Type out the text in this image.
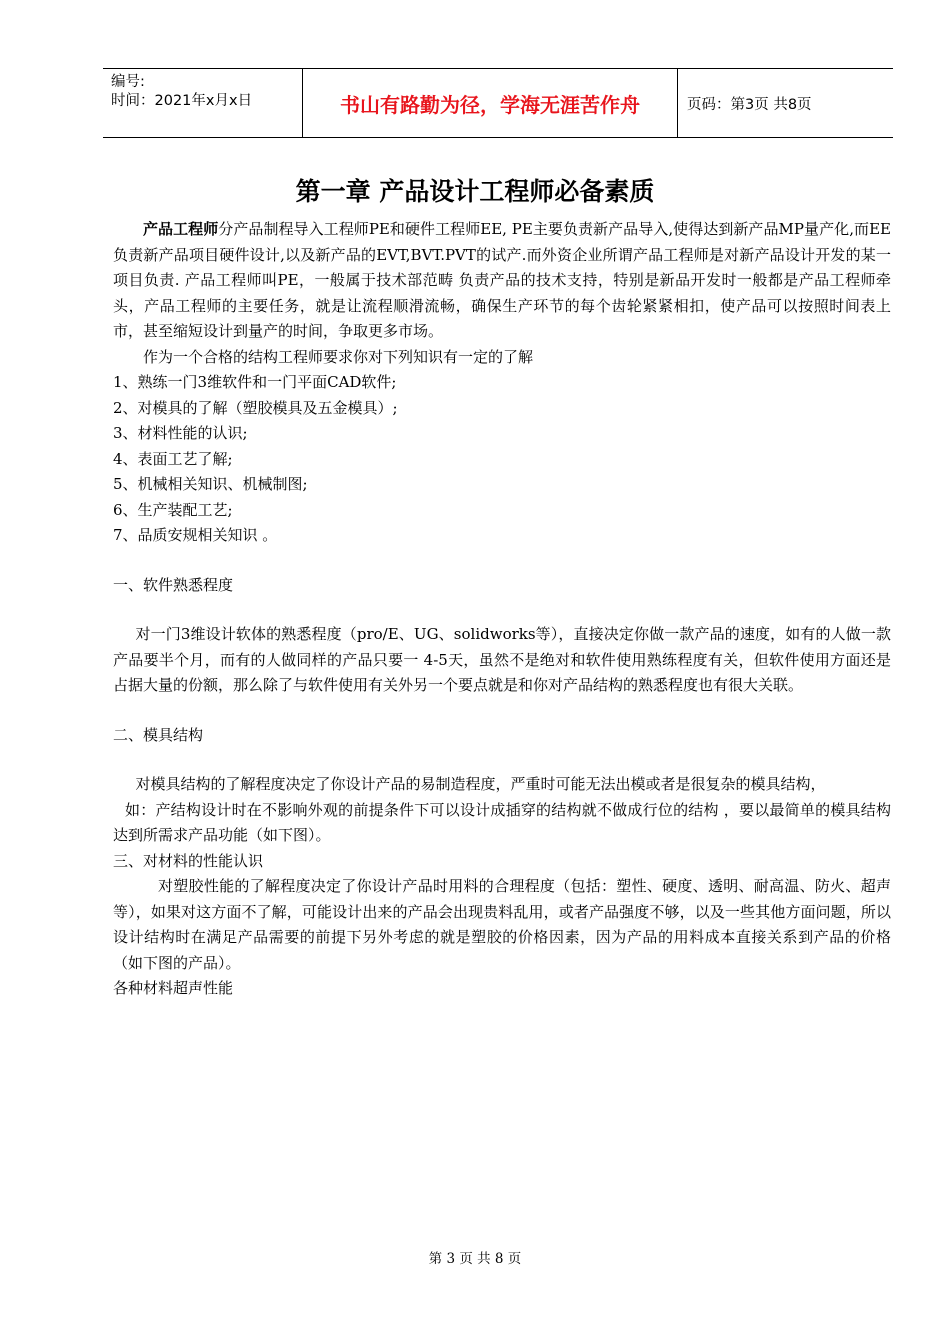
编号:
时间：2021年x月x日	书山有路勤为径，学海无涯苦作舟	页码：第3页 共8页
第一章 产品设计工程师必备素质

产品工程师分产品制程导入工程师PE和硬件工程师EE, PE主要负责新产品导入,使得达到新产品MP量产化,而EE负责新产品项目硬件设计,以及新产品的EVT,BVT.PVT的试产.而外资企业所谓产品工程师是对新产品设计开发的某一项目负责. 产品工程师叫PE，一般属于技术部范畴 负责产品的技术支持，特别是新品开发时一般都是产品工程师牵头，产品工程师的主要任务，就是让流程顺滑流畅，确保生产环节的每个齿轮紧紧相扣，使产品可以按照时间表上市，甚至缩短设计到量产的时间，争取更多市场。

作为一个合格的结构工程师要求你对下列知识有一定的了解

1、熟练一门3维软件和一门平面CAD软件;

2、对模具的了解（塑胶模具及五金模具）;

3、材料性能的认识;

4、表面工艺了解;

5、机械相关知识、机械制图;

6、生产装配工艺;

7、品质安规相关知识 。

一、软件熟悉程度

对一门3维设计软体的熟悉程度（pro/E、UG、solidworks等），直接决定你做一款产品的速度，如有的人做一款产品要半个月，而有的人做同样的产品只要一 4-5天，虽然不是绝对和软件使用熟练程度有关，但软件使用方面还是占据大量的份额，那么除了与软件使用有关外另一个要点就是和你对产品结构的熟悉程度也有很大关联。

二、模具结构

对模具结构的了解程度决定了你设计产品的易制造程度，严重时可能无法出模或者是很复杂的模具结构，

如：产结构设计时在不影响外观的前提条件下可以设计成插穿的结构就不做成行位的结构 ，要以最简单的模具结构达到所需求产品功能（如下图）。

三、对材料的性能认识

对塑胶性能的了解程度决定了你设计产品时用料的合理程度（包括：塑性、硬度、透明、耐高温、防火、超声等），如果对这方面不了解，可能设计出来的产品会出现贵料乱用，或者产品强度不够，以及一些其他方面问题，所以设计结构时在满足产品需要的前提下另外考虑的就是塑胶的价格因素，因为产品的用料成本直接关系到产品的价格（如下图的产品）。

各种材料超声性能

第 3 页 共 8 页
